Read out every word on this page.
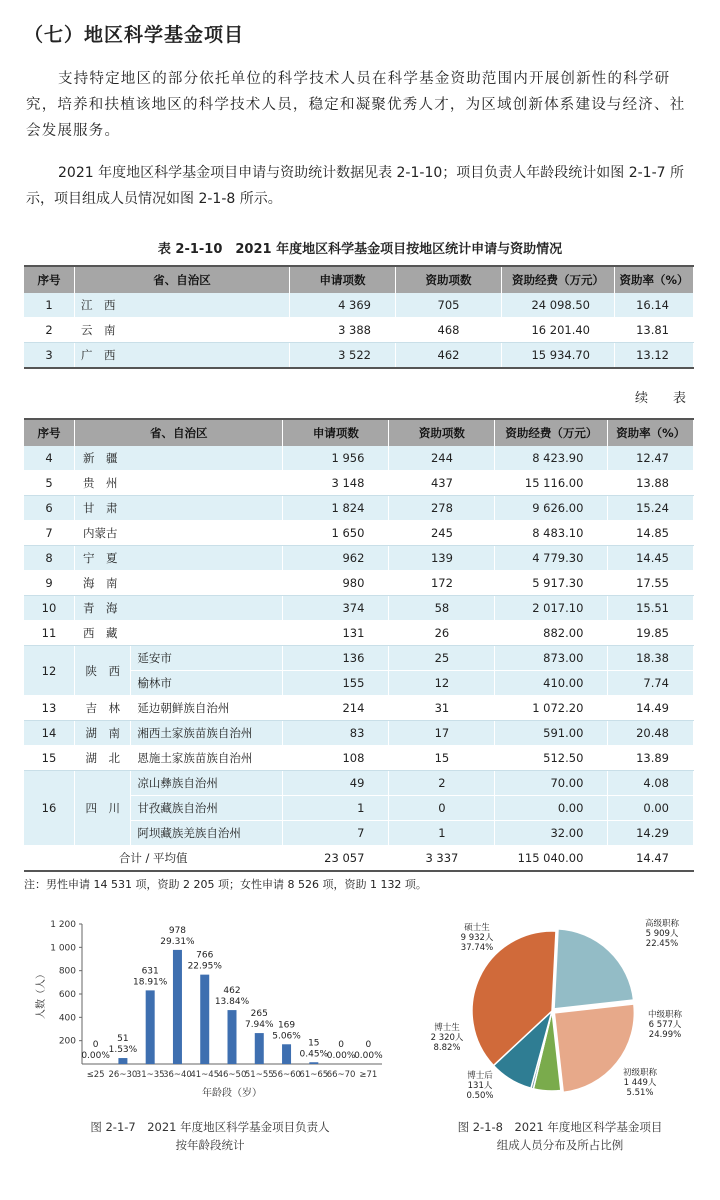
（七）地区科学基金项目

支持特定地区的部分依托单位的科学技术人员在科学基金资助范围内开展创新性的科学研究，培养和扶植该地区的科学技术人员，稳定和凝聚优秀人才，为区域创新体系建设与经济、社会发展服务。

2021 年度地区科学基金项目申请与资助统计数据见表 2-1-10；项目负责人年龄段统计如图 2-1-7 所示，项目组成人员情况如图 2-1-8 所示。

表 2-1-10　2021 年度地区科学基金项目按地区统计申请与资助情况
序号	省、自治区	申请项数	资助项数	资助经费（万元）	资助率（%）
1	江　西	4 369	705	24 098.50	16.14
2	云　南	3 388	468	16 201.40	13.81
3	广　西	3 522	462	15 934.70	13.12
续　表
序号	省、自治区		申请项数	资助项数	资助经费（万元）	资助率（%）
4	新　疆		1 956	244	8 423.90	12.47
5	贵　州		3 148	437	15 116.00	13.88
6	甘　肃		1 824	278	9 626.00	15.24
7	内蒙古		1 650	245	8 483.10	14.85
8	宁　夏		962	139	4 779.30	14.45
9	海　南		980	172	5 917.30	17.55
10	青　海		374	58	2 017.10	15.51
11	西　藏		131	26	882.00	19.85
12	陕　西	延安市	136	25	873.00	18.38
		榆林市	155	12	410.00	7.74
13	吉　林	延边朝鲜族自治州	214	31	1 072.20	14.49
14	湖　南	湘西土家族苗族自治州	83	17	591.00	20.48
15	湖　北	恩施土家族苗族自治州	108	15	512.50	13.89
16	四　川	凉山彝族自治州	49	2	70.00	4.08
		甘孜藏族自治州	1	0	0.00	0.00
		阿坝藏族羌族自治州	7	1	32.00	14.29
合计 / 平均值			23 057	3 337	115 040.00	14.47
注：男性申请 14 531 项，资助 2 205 项；女性申请 8 526 项，资助 1 132 项。
200
400
600
800
1 000
1 200
人数（人）
0
0.00%
≤25
51
1.53%
26~30
631
18.91%
31~35
978
29.31%
36~40
766
22.95%
41~45
462
13.84%
46~50
265
7.94%
51~55
169
5.06%
56~60
15
0.45%
61~65
0
0.00%
66~70
0
0.00%
≥71
年龄段（岁）
高级职称
5 909人
22.45%
中级职称
6 577人
24.99%
初级职称
1 449人
5.51%
博士后
131人
0.50%
博士生
2 320人
8.82%
硕士生
9 932人
37.74%
图 2-1-7　2021 年度地区科学基金项目负责人
按年龄段统计
图 2-1-8　2021 年度地区科学基金项目
组成人员分布及所占比例
